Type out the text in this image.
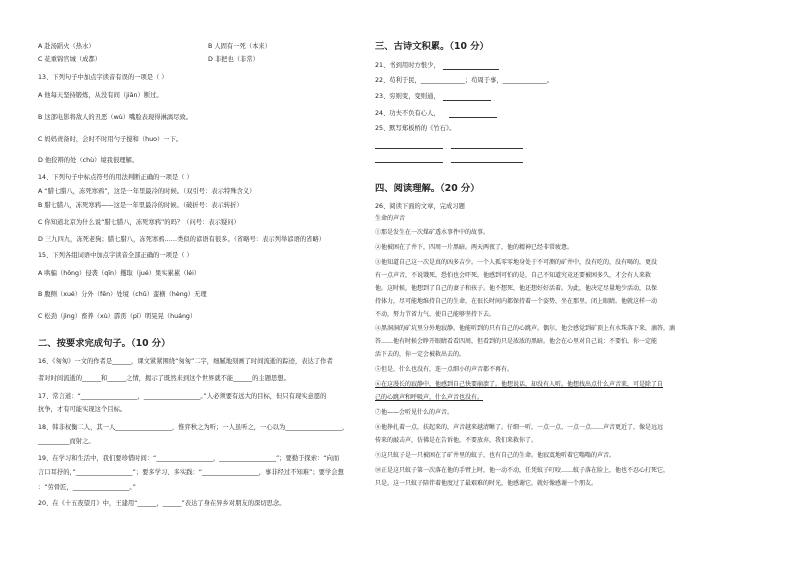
A 赴汤蹈火（热水）	B 人固有一死（本来）
C 花重锦官城（成都）	D 非把也（非常）
13、下列句子中加点字读音有误的一项是（ ）
A 他每天坚持锻炼，从没有间（jiān）断过。
B 这部电影将敌人的丑恶（wù）嘴脸表现得淋漓尽致。
C 妈妈责备时，会时不时用勺子搅和（huo）一下。
D 他狡辩的处（chù）境我很理解。
14、下列句子中标点符号的用法判断正确的一项是（ ）
A “腊七腊八，冻死寒鸦”，这是一年里最冷的时候。（双引号：表示特殊含义）
B 腊七腊八，冻死寒鸦——这是一年里最冷的时候。（破折号：表示转折）
C 你知道北京为什么说“腊七腊八，冻死寒鸦”的吗？（问号：表示疑问）
D 三九四九，冻死老狗；腊七腊八，冻死寒鸦……类似的谚语有很多。（省略号：表示列举谚语的省略）
15、下列各组词语中加点字读音全部正确的一项是（ ）
A 哄骗（hōng）侵袭（qīn）攫取（jué）果实累累（léi）
B 腹侧（xué）分外（fēn）处境（chǔ）蛮横（hèng）无理
C 松劲（jìng）畜养（xù）霹雳（pī）明晃晃（huáng）
二、按要求完成句子。（10 分）
16、《匆匆》一文的作者是______，课文紧紧围绕“匆匆”二字，细腻地刻画了时间流逝的踪迹，表达了作者
者对时间流逝的______和______之情，揭示了既然来到这个世界就不能______的主题思想。
17、常言道：“__________________，__________________。”人必须要有远大的目标，但只有现实意愿的
抗争，才有可能实现这个目标。
18、韩非权衡二人，其一人__________________，惟弈秋之为听；一人虽听之，一心以为__________________，
__________而射之。
19、在学习和生活中，我们要珍惜时间：“__________________，__________________”；要勤于探索：“向而
言口耳抒的，”__________________”；要多学习、多实践：“__________________，事非经过不知难”；要学会想
：“劳骨匠，__________________。”
20、在《十五夜望月》中，王建用“______，______”表达了身在异乡对朋友的深切思念。
三、古诗文积累。（10 分）
21、书到用时方恨少，
22、苟利于民，______________；苟周于事，______________。
23、穷则变，变则通，
24、功夫不负有心人，
25、默写郑板桥的《竹石》。
四、阅读理解。（20 分）
26、阅读下面的文章，完成习题
生命的声音
①那是发生在一次煤矿透水事件中的故事。
②他被困在了井下，四周一片黑暗。两天两夜了，他的精神已经非常疲惫。
③他知道自己这一次是真的凶多吉少。一个人孤零零地身处于不可测的矿井中，没有吃的，没有喝的，更没
有一点声音，不说饿死，恐怕也会吓死。他感到可怕的是，自己不知道究竟还要被困多久，才会有人来救
他。这时候，他想到了自己的妻子和孩子。他不想死，他还想好好活着。为此，他决定尽量地少活动，以保
持体力，尽可能地维持自己的生命，在很长时间内都保持着一个姿势，坐在那里，闭上眼睛。他就这样一动
不动，努力节省力气，使自己能够坚持下去。
④黑洞洞的矿坑里分外地寂静。他能听到的只有自己的心跳声。偶尔，他会感觉到矿顶上有水珠落下来，滴答，滴
答……他有时候会睁开眼睛看看四周，但看到的只是浓浓的黑暗。他会在心里对自己说：不要怕，你一定能
活下去的，你一定会被救出去的。
⑤但是，什么也没有，连一点细小的声音都不再有。
⑥在这漫长的寂静中，他感到自己快要崩溃了。他想说话，却没有人听。他想找出点什么声音来，可是除了自
己的心跳声和呼吸声，什么声音也没有。
⑦他——会听见什么的声音。
⑧他挣扎着一点，扶起来的，声音越来越清晰了。仔细一听，一点一点、一点一点……声音更近了，像是远远
传来的敲击声，仿佛是在告诉他，不要放弃，我们来救你了。
⑨这只蚊子是一只被困在了矿井里的蚊子，也有自己的生命。他寂寞地听着它嗡嗡的声音。
⑩正是这只蚊子第一次落在他的手臂上时，他一动不动，任凭蚊子叮咬……蚊子落在脸上，他也不忍心打死它，
只是，这一只蚊子陪伴着他度过了最艰难的时光，他感谢它，就好像感谢一个朋友。
